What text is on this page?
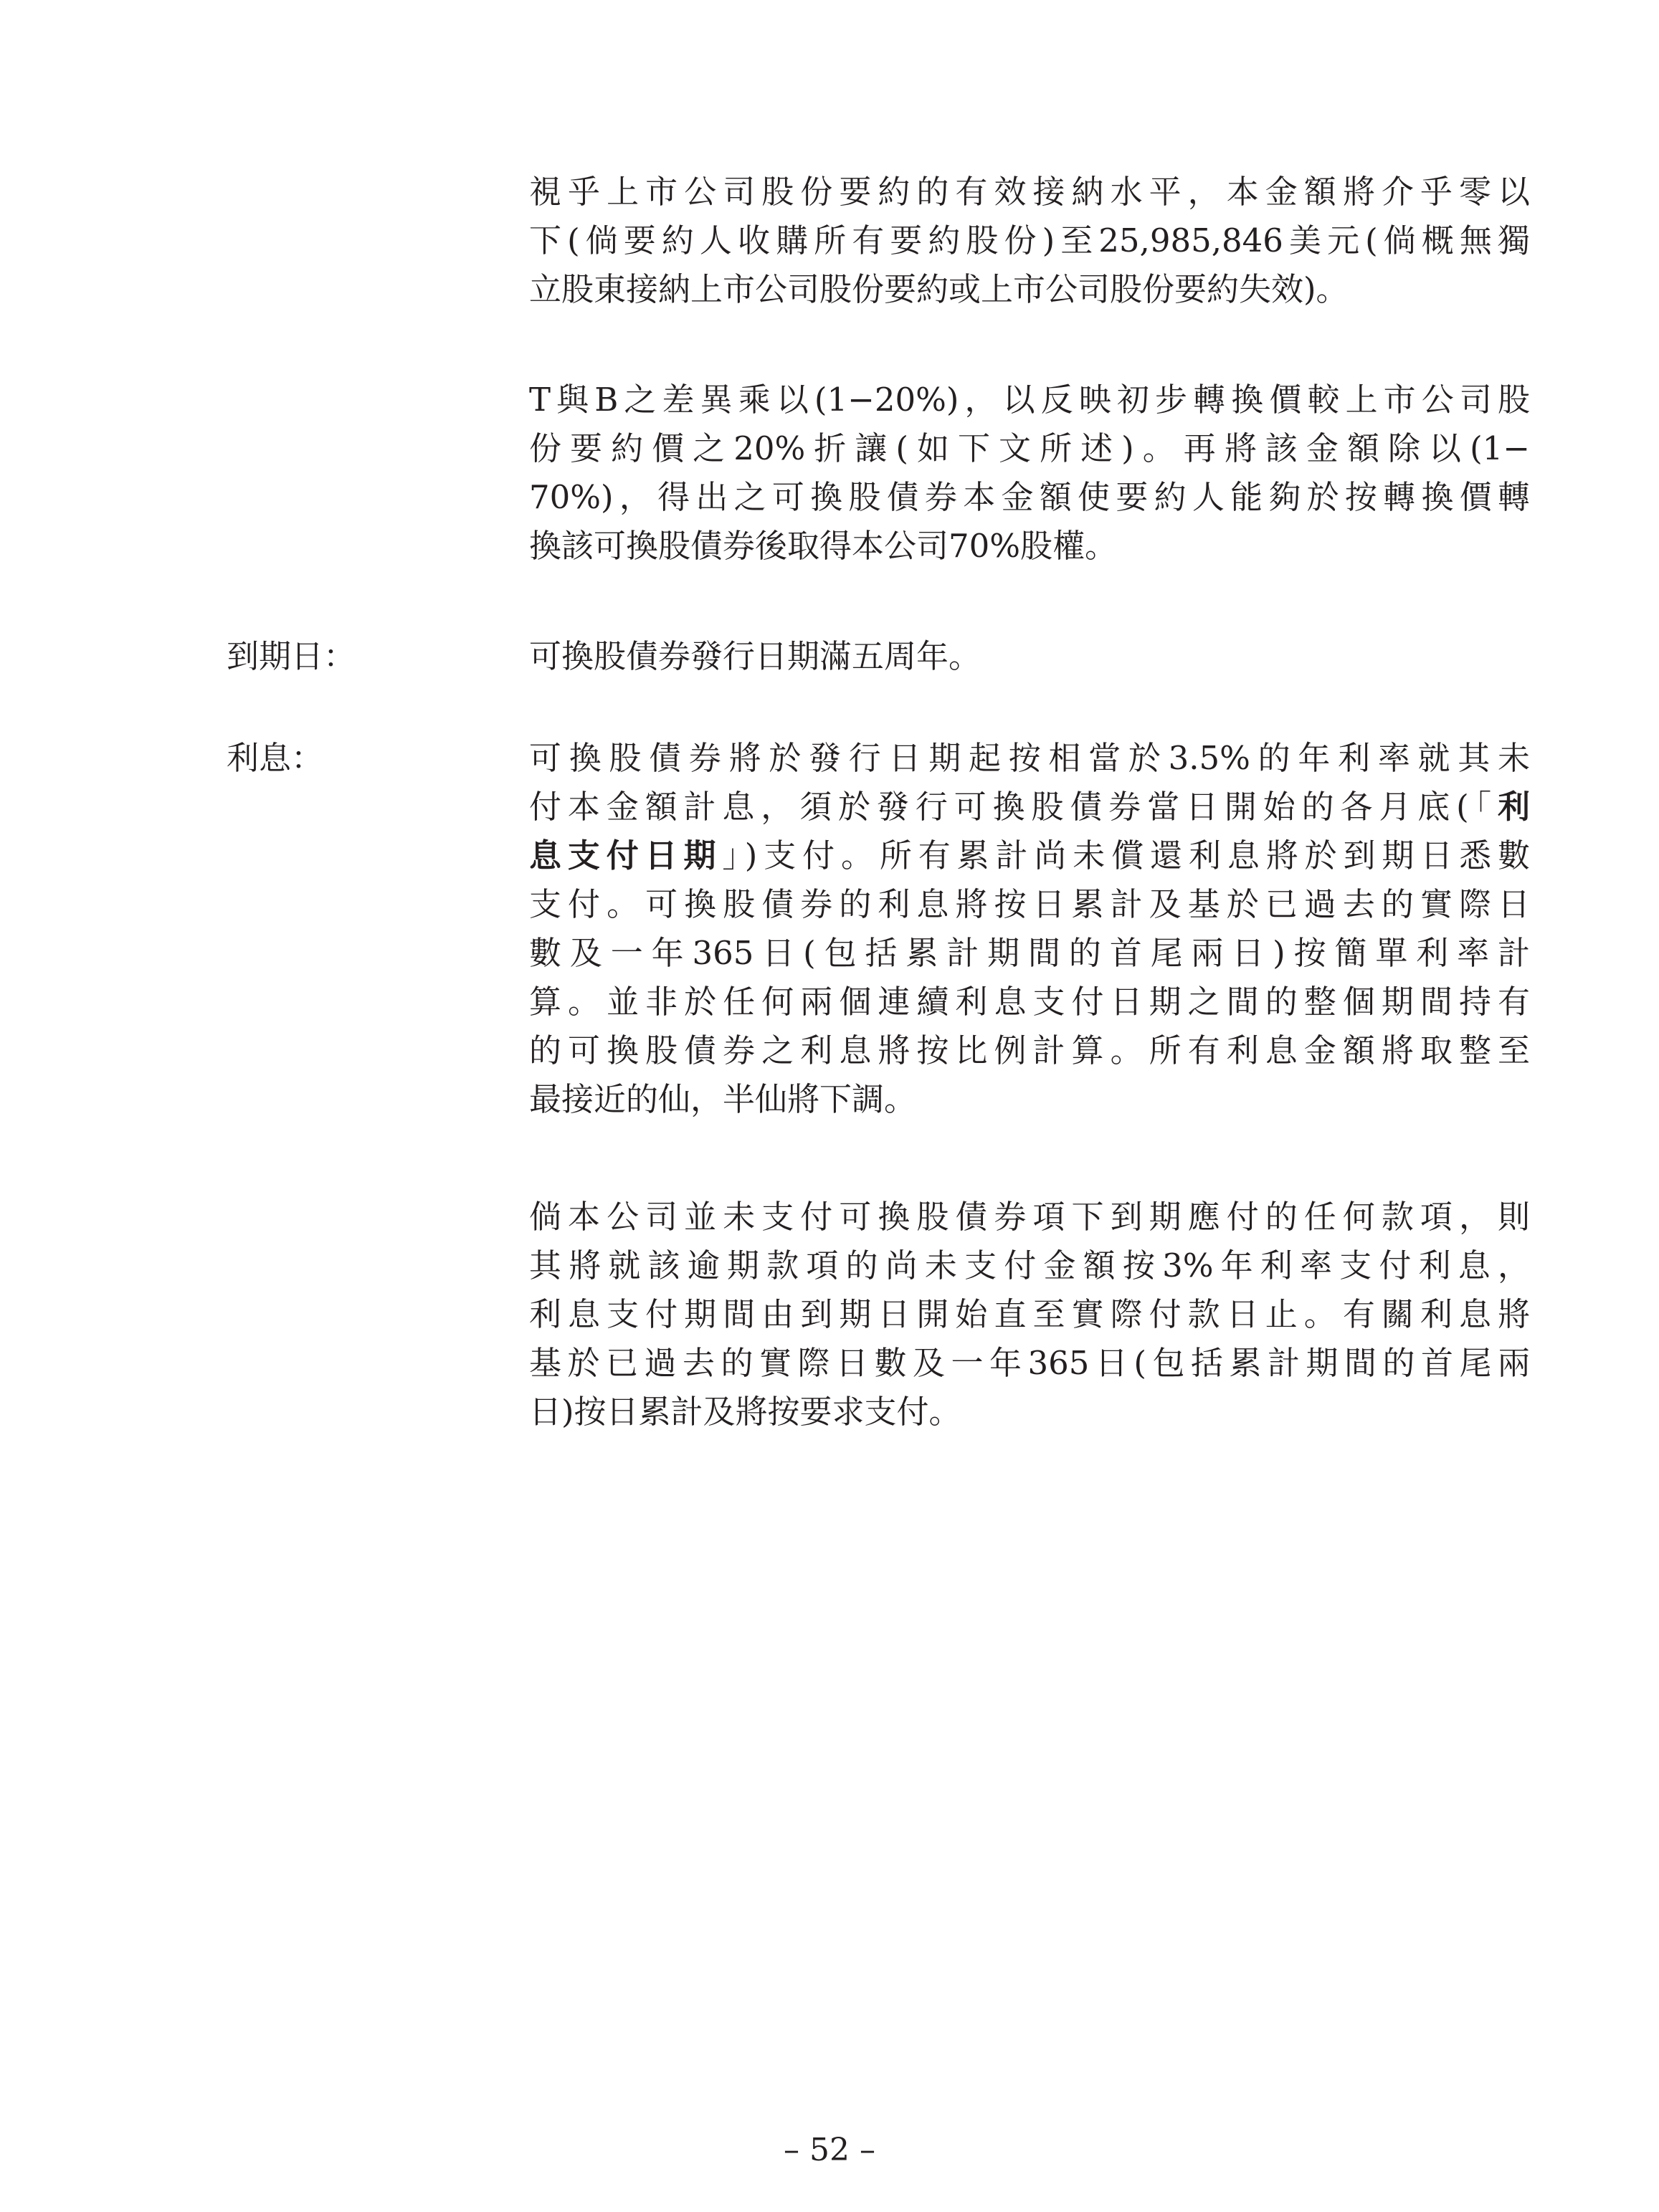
視乎上市公司股份要約的有效接納水平，本金額將介乎零以
下(倘要約人收購所有要約股份)至25,985,846美元(倘概無獨
立股東接納上市公司股份要約或上市公司股份要約失效)。
T與B之差異乘以(1−20%)，以反映初步轉換價較上市公司股
份要約價之20%折讓(如下文所述)。再將該金額除以(1−
70%)，得出之可換股債券本金額使要約人能夠於按轉換價轉
換該可換股債券後取得本公司70%股權。

到期日：	可換股債券發行日期滿五周年。

利息：	可換股債券將於發行日期起按相當於3.5%的年利率就其未
付本金額計息，須於發行可換股債券當日開始的各月底(「利
息支付日期」)支付。所有累計尚未償還利息將於到期日悉數
支付。可換股債券的利息將按日累計及基於已過去的實際日
數及一年365日(包括累計期間的首尾兩日)按簡單利率計
算。並非於任何兩個連續利息支付日期之間的整個期間持有
的可換股債券之利息將按比例計算。所有利息金額將取整至
最接近的仙，半仙將下調。
倘本公司並未支付可換股債券項下到期應付的任何款項，則
其將就該逾期款項的尚未支付金額按3%年利率支付利息，
利息支付期間由到期日開始直至實際付款日止。有關利息將
基於已過去的實際日數及一年365日(包括累計期間的首尾兩
日)按日累計及將按要求支付。

– 52 –
